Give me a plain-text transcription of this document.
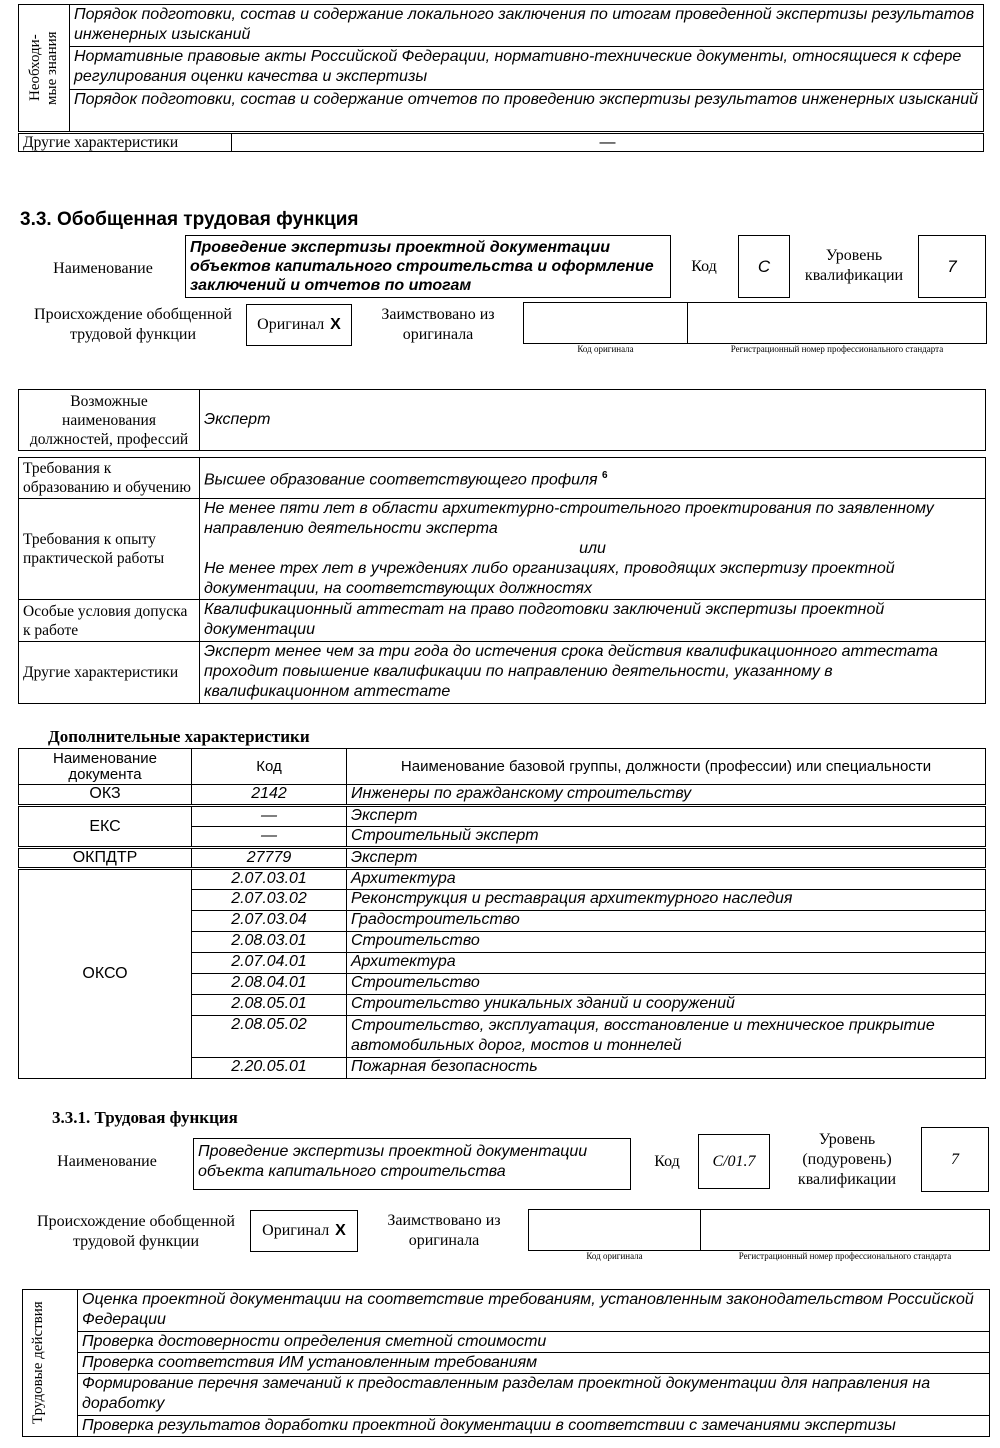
Необходи-
мые знания
	Порядок подготовки, состав и содержание локального заключения по итогам проведенной экспертизы результатов инженерных изысканий
Нормативные правовые акты Российской Федерации, нормативно-технические документы, относящиеся к сфере регулирования оценки качества и экспертизы
Порядок подготовки, состав и содержание отчетов по проведению экспертизы результатов инженерных изысканий
Другие характеристики	—
3.3. Обобщенная трудовая функция
Наименование
Проведение экспертизы проектной документации объектов капитального строительства и оформление заключений и отчетов по итогам
Код	С
Уровень квалификации	7
Происхождение обобщенной трудовой функции
Оригинал X
Заимствовано из оригинала
Код оригинала	Регистрационный номер профессионального стандарта
Возможные наименования должностей, профессий	Эксперт
Требования к образованию и обучению	Высшее образование соответствующего профиля $^6$
Требования к опыту практической работы	Не менее пяти лет в области архитектурно-строительного проектирования по заявленному направлению деятельности эксперта
или
Не менее трех лет в учреждениях либо организациях, проводящих экспертизу проектной документации, на соответствующих должностях

Особые условия допуска к работе	Квалификационный аттестат на право подготовки заключений экспертизы проектной документации
Другие характеристики	Эксперт менее чем за три года до истечения срока действия квалификационного аттестата проходит повышение квалификации по направлению деятельности, указанному в квалификационном аттестате
Дополнительные характеристики
Наименование документа	Код	Наименование базовой группы, должности (профессии) или специальности
ОКЗ	2142	Инженеры по гражданскому строительству
ЕКС	—	Эксперт
	—	Строительный эксперт
ОКПДТР	27779	Эксперт
ОКСО	2.07.03.01	Архитектура
	2.07.03.02	Реконструкция и реставрация архитектурного наследия
	2.07.03.04	Градостроительство
	2.08.03.01	Строительство
	2.07.04.01	Архитектура
	2.08.04.01	Строительство
	2.08.05.01	Строительство уникальных зданий и сооружений
	2.08.05.02	Строительство, эксплуатация, восстановление и техническое прикрытие автомобильных дорог, мостов и тоннелей
	2.20.05.01	Пожарная безопасность
3.3.1. Трудовая функция
Наименование
Проведение экспертизы проектной документации объекта капитального строительства
Код	С/01.7
Уровень (подуровень) квалификации
7
Происхождение обобщенной трудовой функции
Оригинал X
Заимствовано из оригинала
Код оригинала	Регистрационный номер профессионального стандарта
Трудовые действия
	Оценка проектной документации на соответствие требованиям, установленным законодательством Российской Федерации
Проверка достоверности определения сметной стоимости
Проверка соответствия ИМ установленным требованиям
Формирование перечня замечаний к предоставленным разделам проектной документации для направления на доработку
Проверка результатов доработки проектной документации в соответствии с замечаниями экспертизы
